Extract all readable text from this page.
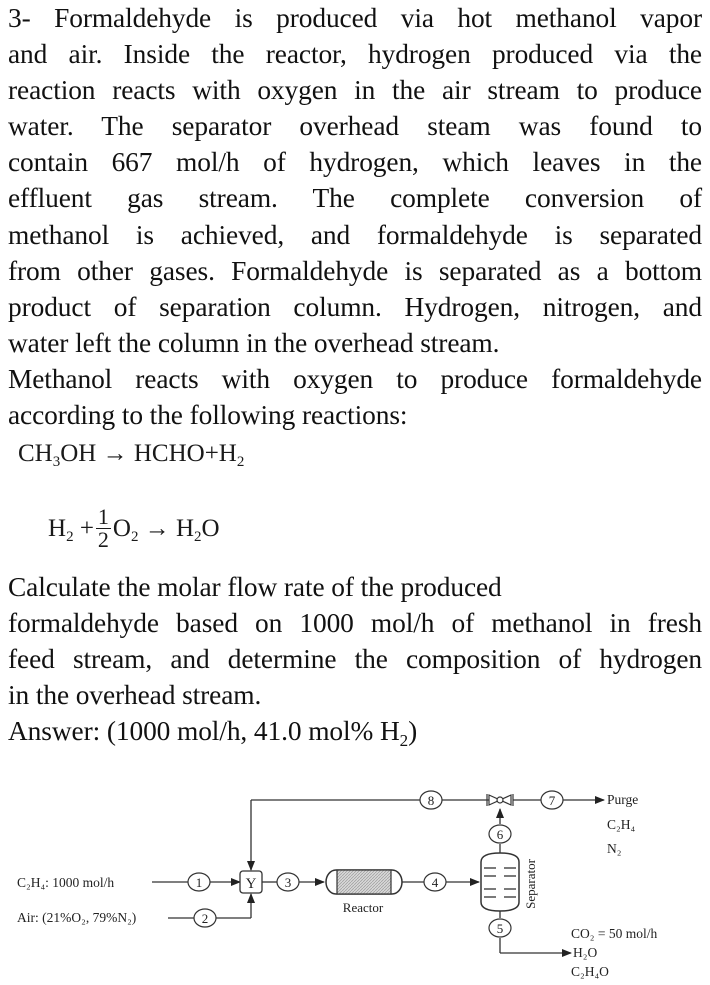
3- Formaldehyde is produced via hot methanol vapor
and air. Inside the reactor, hydrogen produced via the
reaction reacts with oxygen in the air stream to produce
water. The separator overhead steam was found to
contain 667 mol/h of hydrogen, which leaves in the
effluent gas stream. The complete conversion of
methanol is achieved, and formaldehyde is separated
from other gases. Formaldehyde is separated as a bottom
product of separation column. Hydrogen, nitrogen, and
water left the column in the overhead stream.
Methanol reacts with oxygen to produce formaldehyde
according to the following reactions:
$CH_3OH$ → $HCHO+H_2$
$H_2 + \frac{1}{2} O_2 \to H_2O$
Calculate the molar flow rate of the produced
formaldehyde based on 1000 mol/h of methanol in fresh
feed stream, and determine the composition of hydrogen
in the overhead stream.
Answer: (1000 mol/h, 41.0 mol% $H_2$)
Y
Reactor	Separator
1
2
3	4
5
6
7
8
C₂H₄: 1000 mol/h
Air: (21%O₂, 79%N₂)
Purge
C₂H₄
N₂
CO₂ = 50 mol/h
H₂O
C₂H₄O
